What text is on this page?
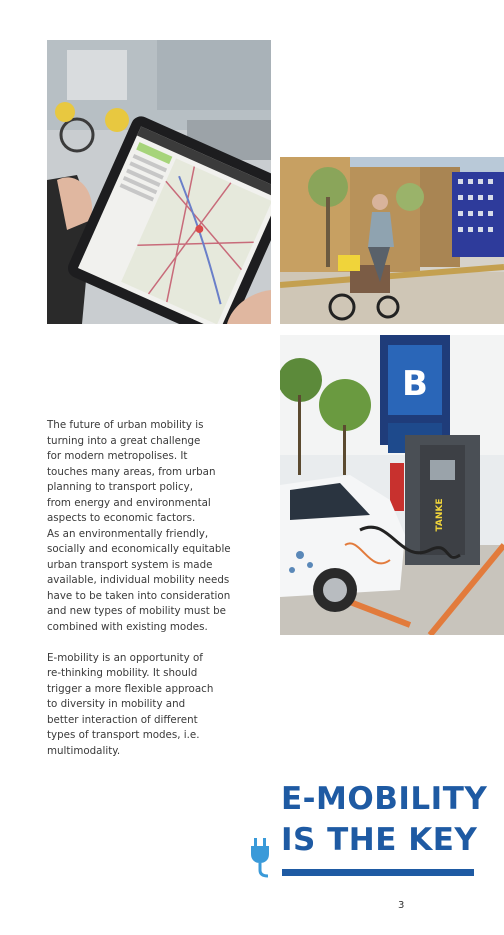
B
TANKE

The future of urban mobility is
turning into a great challenge
for modern metropolises. It
touches many areas, from urban
planning to transport policy,
from energy and environmental
aspects to economic factors.
As an environmentally friendly,
socially and economically equitable
urban transport system is made
available, individual mobility needs
have to be taken into consideration
and new types of mobility must be
combined with existing modes.

E-mobility is an opportunity of
re-thinking mobility. It should
trigger a more flexible approach
to diversity in mobility and
better interaction of different
types of transport modes, i.e.
multimodality.

E-MOBILITY
IS THE KEY
3
